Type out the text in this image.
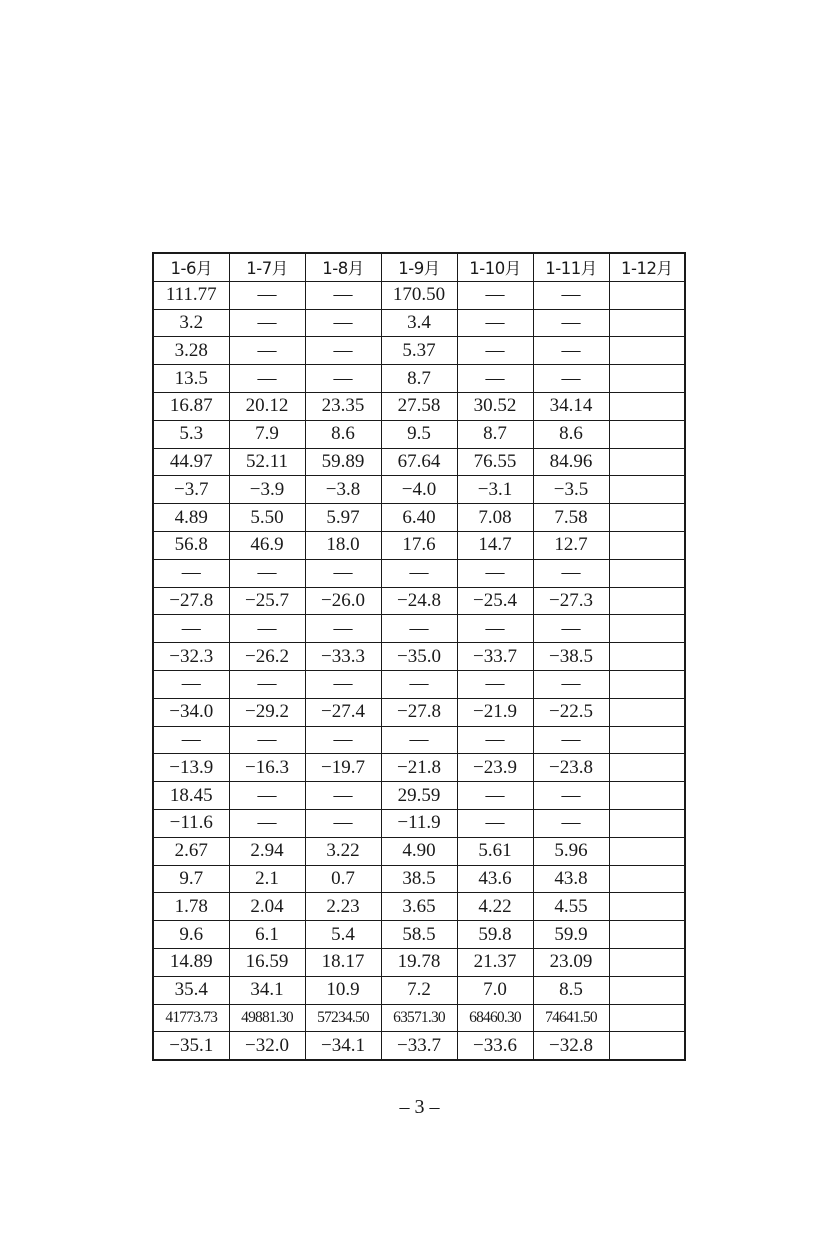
1-6月	1-7月	1-8月	1-9月	1-10月	1-11月	1-12月
111.77	—	—	170.50	—	—	
3.2	—	—	3.4	—	—	
3.28	—	—	5.37	—	—	
13.5	—	—	8.7	—	—	
16.87	20.12	23.35	27.58	30.52	34.14	
5.3	7.9	8.6	9.5	8.7	8.6	
44.97	52.11	59.89	67.64	76.55	84.96	
−3.7	−3.9	−3.8	−4.0	−3.1	−3.5	
4.89	5.50	5.97	6.40	7.08	7.58	
56.8	46.9	18.0	17.6	14.7	12.7	
—	—	—	—	—	—	
−27.8	−25.7	−26.0	−24.8	−25.4	−27.3	
—	—	—	—	—	—	
−32.3	−26.2	−33.3	−35.0	−33.7	−38.5	
—	—	—	—	—	—	
−34.0	−29.2	−27.4	−27.8	−21.9	−22.5	
—	—	—	—	—	—	
−13.9	−16.3	−19.7	−21.8	−23.9	−23.8	
18.45	—	—	29.59	—	—	
−11.6	—	—	−11.9	—	—	
2.67	2.94	3.22	4.90	5.61	5.96	
9.7	2.1	0.7	38.5	43.6	43.8	
1.78	2.04	2.23	3.65	4.22	4.55	
9.6	6.1	5.4	58.5	59.8	59.9	
14.89	16.59	18.17	19.78	21.37	23.09	
35.4	34.1	10.9	7.2	7.0	8.5	
41773.73	49881.30	57234.50	63571.30	68460.30	74641.50	
−35.1	−32.0	−34.1	−33.7	−33.6	−32.8	
– 3 –
